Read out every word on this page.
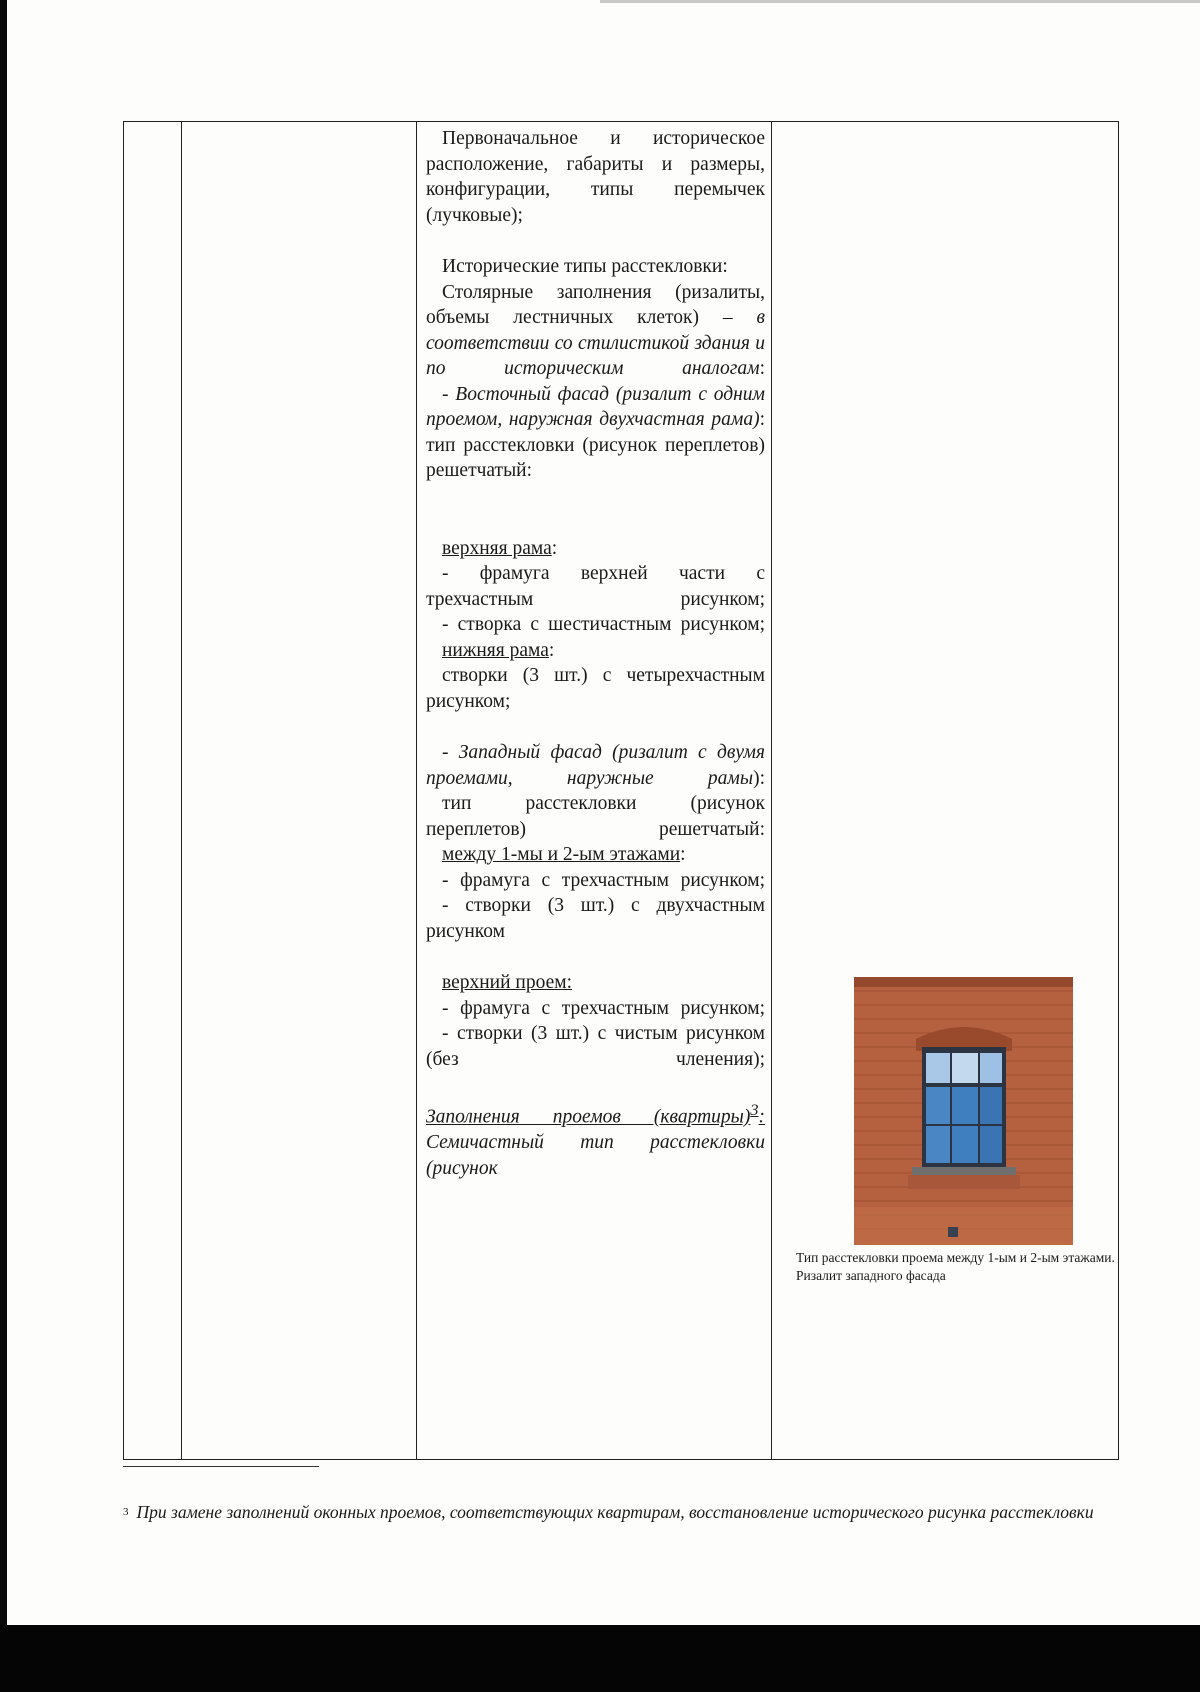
Первоначальное и историческое расположение, габариты и размеры, конфигурации, типы перемычек (лучковые);
Исторические типы расстекловки:
Столярные заполнения (ризалиты, объемы лестничных клеток) – в соответствии со стилистикой здания и по историческим аналогам:
- Восточный фасад (ризалит с одним проемом, наружная двухчастная рама): тип расстекловки (рисунок переплетов) решетчатый:
верхняя рама:
- фрамуга верхней части с трехчастным рисунком;
- створка с шестичастным рисунком;
нижняя рама:
створки (3 шт.) с четырехчастным рисунком;
- Западный фасад (ризалит с двумя проемами, наружные рамы):
тип расстекловки (рисунок переплетов) решетчатый:
между 1-мы и 2-ым этажами:
- фрамуга с трехчастным рисунком;
- створки (3 шт.) с двухчастным рисунком
верхний проем:
- фрамуга с трехчастным рисунком;
- створки (3 шт.) с чистым рисунком (без членения);
Заполнения проемов (квартиры)$^3$:
Семичастный тип расстекловки (рисунок

Тип расстекловки проема между 1-ым и 2-ым этажами. Ризалит западного фасада
$^3$ При замене заполнений оконных проемов, соответствующих квартирам, восстановление исторического рисунка расстекловки
